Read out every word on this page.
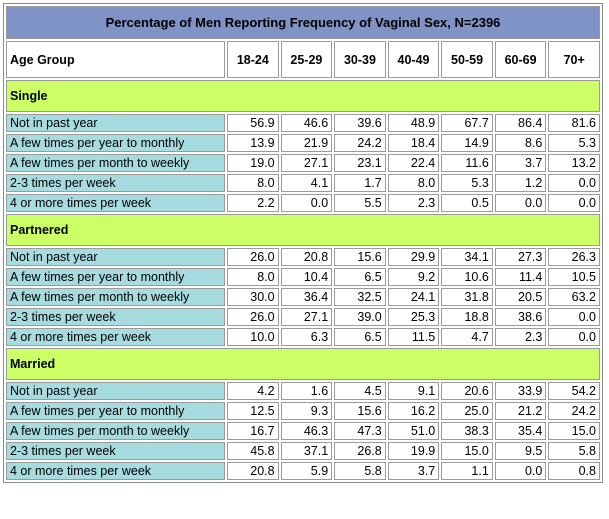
Percentage of Men Reporting Frequency of Vaginal Sex, N=2396							
Age Group	18-24	25-29	30-39	40-49	50-59	60-69	70+
Single							
Not in past year	56.9	46.6	39.6	48.9	67.7	86.4	81.6
A few times per year to monthly	13.9	21.9	24.2	18.4	14.9	8.6	5.3
A few times per month to weekly	19.0	27.1	23.1	22.4	11.6	3.7	13.2
2-3 times per week	8.0	4.1	1.7	8.0	5.3	1.2	0.0
4 or more times per week	2.2	0.0	5.5	2.3	0.5	0.0	0.0
Partnered							
Not in past year	26.0	20.8	15.6	29.9	34.1	27.3	26.3
A few times per year to monthly	8.0	10.4	6.5	9.2	10.6	11.4	10.5
A few times per month to weekly	30.0	36.4	32.5	24.1	31.8	20.5	63.2
2-3 times per week	26.0	27.1	39.0	25.3	18.8	38.6	0.0
4 or more times per week	10.0	6.3	6.5	11.5	4.7	2.3	0.0
Married							
Not in past year	4.2	1.6	4.5	9.1	20.6	33.9	54.2
A few times per year to monthly	12.5	9.3	15.6	16.2	25.0	21.2	24.2
A few times per month to weekly	16.7	46.3	47.3	51.0	38.3	35.4	15.0
2-3 times per week	45.8	37.1	26.8	19.9	15.0	9.5	5.8
4 or more times per week	20.8	5.9	5.8	3.7	1.1	0.0	0.8
